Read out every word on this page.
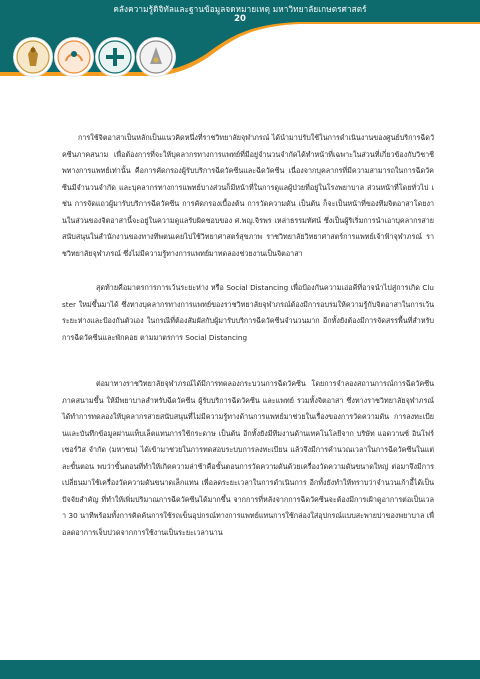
คลังความรู้ดิจิทัลและฐานข้อมูลจดหมายเหตุ มหาวิทยาลัยเกษตรศาสตร์
20

การใช้จิตอาสาเป็นหลักเป็นแนวคิดหนึ่งที่ราชวิทยาลัยจุฬาภรณ์ ได้นำมาปรับใช้ในการดำเนินงานของศูนย์บริการฉีดวัคซีนภาคสนาม เพื่อต้องการที่จะให้บุคลากรทางการแพทย์ที่มีอยู่จำนวนจำกัดได้ทำหน้าที่เฉพาะในส่วนที่เกี่ยวข้องกับวิชาชีพทางการแพทย์เท่านั้น คือการคัดกรองผู้รับบริการฉีดวัคซีนและฉีดวัคซีน เนื่องจากบุคลากรที่มีความสามารถในการฉีดวัคซีนมีจำนวนจำกัด และบุคลากรทางการแพทย์บางส่วนก็มีหน้าที่ในการดูแลผู้ป่วยที่อยู่ในโรงพยาบาล ส่วนหน้าที่โดยทั่วไป เช่น การจัดแถวผู้มารับบริการฉีดวัคซีน การคัดกรองเบื้องต้น การวัดความดัน เป็นต้น ก็จะเป็นหน้าที่ของทีมจิตอาสาโดยงานในส่วนของจิตอาสานี้จะอยู่ในความดูแลรับผิดชอบของ ศ.พญ.จิรพร เหล่าธรรมทัศน์ ซึ่งเป็นผู้ริเริ่มการนำเอาบุคลากรสายสนับสนุนในสำนักงานของทางทีพตนเคยไปใช้วิทยาศาสตร์สุขภาพ ราชวิทยาลัยวิทยาศาสตร์การแพทย์เจ้าฟ้าจุฬาภรณ์ ราชวิทยาลัยจุฬาภรณ์ ซึ่งไม่มีความรู้ทางการแพทย์มาทดลองช่วยงานเป็นจิตอาสา

สุดท้ายคือมาตรการการเว้นระยะห่าง หรือ Social Distancing เพื่อป้องกันความเอ่อคีที่อาจนำไปสู่การเกิด Cluster ใหม่ขึ้นมาได้ ซึ่งทางบุคลากรทางการแพทย์ของราชวิทยาลัยจุฬาภรณ์ต้องมีการอบรมให้ความรู้กับจิตอาสาในการเว้นระยะห่างและป้องกันตัวเอง ในกรณีที่ต้องสัมผัสกับผู้มารับบริการฉีดวัคซีนจำนวนมาก อีกทั้งยังต้องมีการจัดสรรพื้นที่สำหรับการฉีดวัคซีนและพักคอย ตามมาตรการ Social Distancing

ต่อมาทางราชวิทยาลัยจุฬาภรณ์ได้มีการทดลองกระบวนการฉีดวัคซีน โดยการจำลองสถานการณ์การฉีดวัคซีนภาคสนามขึ้น ให้มีพยาบาลสำหรับฉีดวัคซีน ผู้รับบริการฉีดวัคซีน และแพทย์ รวมทั้งจิตอาสา ซึ่งทางราชวิทยาลัยจุฬาภรณ์ได้ทำการทดลองให้บุคลากรสายสนับสนุนที่ไม่มีความรู้ทางด้านการแพทย์มาช่วยในเรื่องของการวัดความดัน การลงทะเบียนและบันทึกข้อมูลผ่านแท็บเล็ตแทนการใช้กระดาษ เป็นต้น อีกทั้งยังมีทีมงานด้านเทคโนโลยีจาก บริษัท แอดวานซ์ อินโฟร์ เซอร์วิส จำกัด (มหาชน) ได้เข้ามาช่วยในการทดสอบระบบการลงทะเบียน แล้วจึงมีการคำนวณเวลาในการฉีดวัคซีนในแต่ละขั้นตอน พบว่าขั้นตอนที่ทำให้เกิดความล่าช้าคือขั้นตอนการวัดความดันด้วยเครื่องวัดความดันขนาดใหญ่ ต่อมาจึงมีการเปลี่ยนมาใช้เครื่องวัดความดันขนาดเล็กแทน เพื่อลดระยะเวลาในการดำเนินการ อีกทั้งยังทำให้ทราบว่าจำนวนเก้าอี้ได้เป็นปัจจัยสำคัญ ที่ทำให้เพิ่มปริมาณการฉีดวัคซีนได้มากขึ้น จากการที่หลังจากการฉีดวัคซีนจะต้องมีการเฝ้าดูอาการต่อเป็นเวลา 30 นาทีพร้อมทั้งการคิดค้นการใช้รถเข็นอุปกรณ์ทางการแพทย์แทนการใช้กล่องใส่อุปกรณ์แบบสะพายบ่าของพยาบาล เพื่อลดอาการเจ็บปวดจากการใช้งานเป็นระยะเวลานาน
